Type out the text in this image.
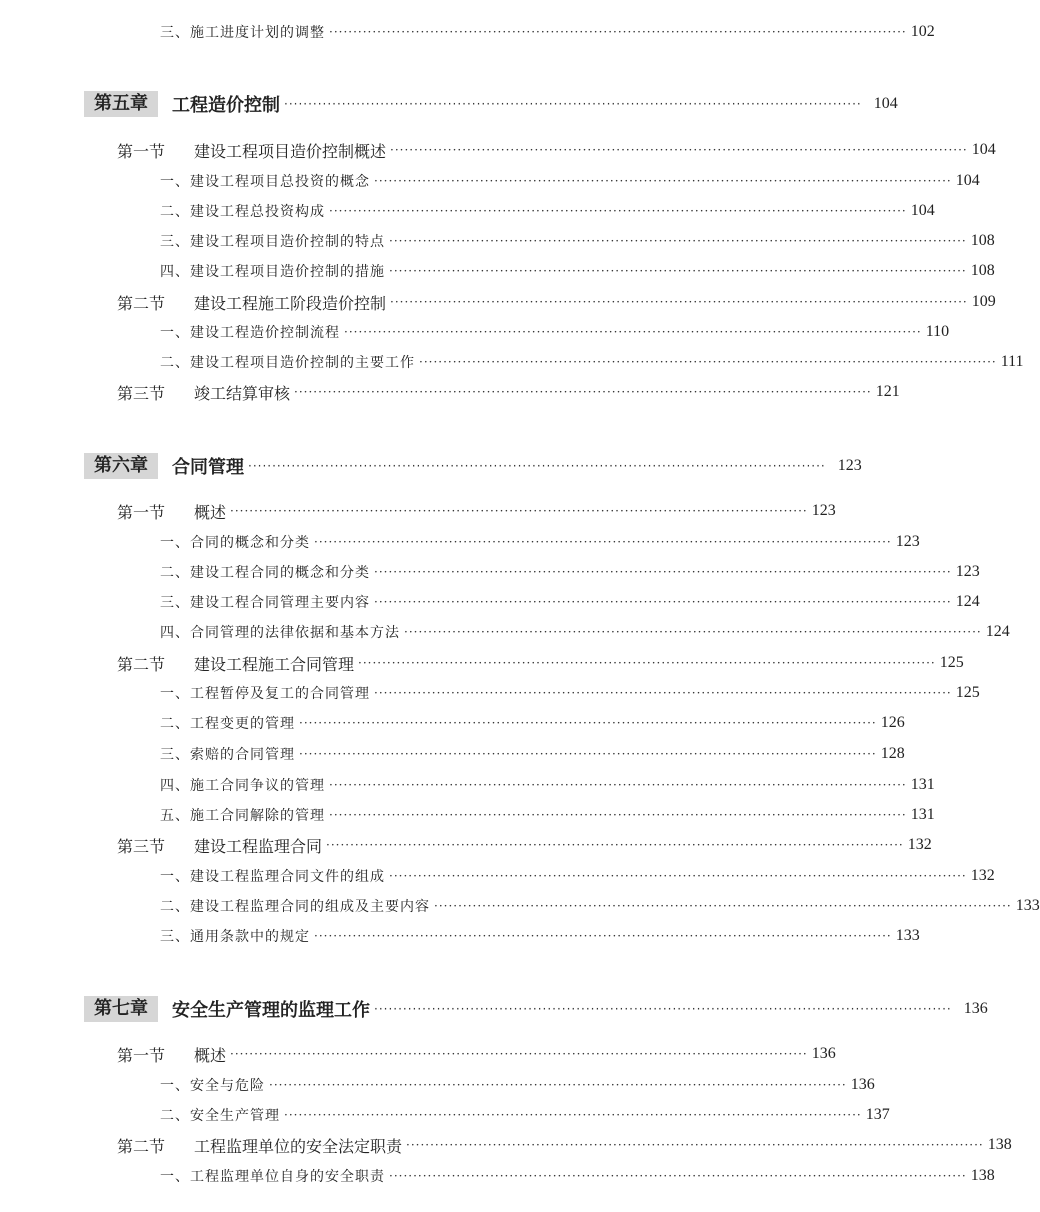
三、施工进度计划的调整 ························································································································ 102
第五章	工程造价控制 ························································································································ 104
第一节	建设工程项目造价控制概述 ························································································································ 104
一、建设工程项目总投资的概念 ························································································································ 104
二、建设工程总投资构成 ························································································································ 104
三、建设工程项目造价控制的特点 ························································································································ 108
四、建设工程项目造价控制的措施 ························································································································ 108
第二节	建设工程施工阶段造价控制 ························································································································ 109
一、建设工程造价控制流程 ························································································································ 110
二、建设工程项目造价控制的主要工作 ························································································································ 111
第三节	竣工结算审核 ························································································································ 121
第六章	合同管理 ························································································································ 123
第一节	概述 ························································································································ 123
一、合同的概念和分类 ························································································································ 123
二、建设工程合同的概念和分类 ························································································································ 123
三、建设工程合同管理主要内容 ························································································································ 124
四、合同管理的法律依据和基本方法 ························································································································ 124
第二节	建设工程施工合同管理 ························································································································ 125
一、工程暂停及复工的合同管理 ························································································································ 125
二、工程变更的管理 ························································································································ 126
三、索赔的合同管理 ························································································································ 128
四、施工合同争议的管理 ························································································································ 131
五、施工合同解除的管理 ························································································································ 131
第三节	建设工程监理合同 ························································································································ 132
一、建设工程监理合同文件的组成 ························································································································ 132
二、建设工程监理合同的组成及主要内容 ························································································································ 133
三、通用条款中的规定 ························································································································ 133
第七章	安全生产管理的监理工作 ························································································································ 136
第一节	概述 ························································································································ 136
一、安全与危险 ························································································································ 136
二、安全生产管理 ························································································································ 137
第二节	工程监理单位的安全法定职责 ························································································································ 138
一、工程监理单位自身的安全职责 ························································································································ 138
